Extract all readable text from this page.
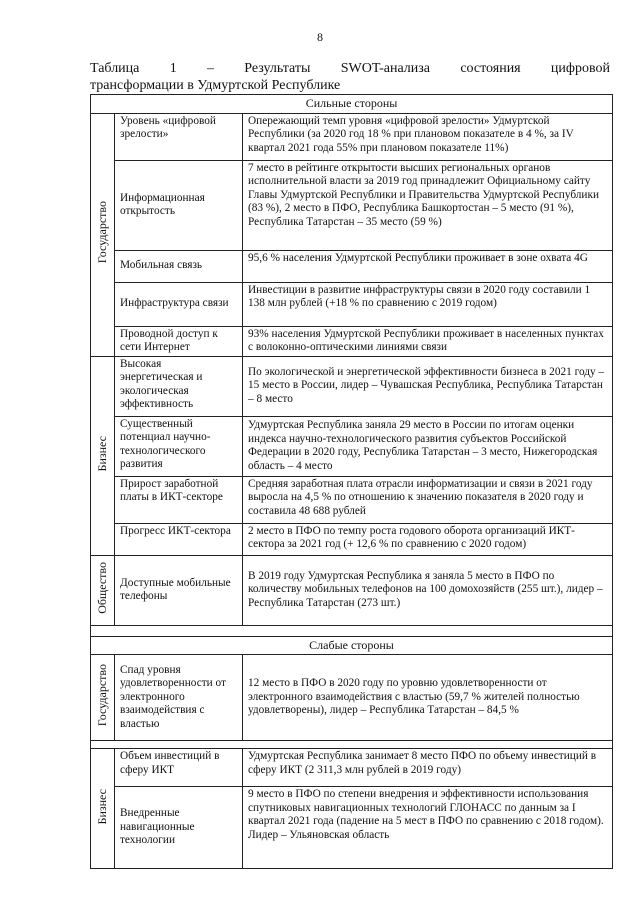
8
Таблица 1 – Результаты SWOT-анализа состояния цифровой
трансформации в Удмуртской Республике
Сильные стороны		
Государство	Уровень «цифровой зрелости»	Опережающий темп уровня «цифровой зрелости» Удмуртской Республики (за 2020 год 18 % при плановом показателе в 4 %, за IV квартал 2021 года 55% при плановом показателе 11%)
	Информационная открытость	7 место в рейтинге открытости высших региональных органов исполнительной власти за 2019 год принадлежит Официальному сайту Главы Удмуртской Республики и Правительства Удмуртской Республики (83 %), 2 место в ПФО, Республика Башкортостан – 5 место (91 %), Республика Татарстан – 35 место (59 %)
	Мобильная связь	95,6 % населения Удмуртской Республики проживает в зоне охвата 4G
	Инфраструктура связи	Инвестиции в развитие инфраструктуры связи в 2020 году составили 1 138 млн рублей (+18 % по сравнению с 2019 годом)
	Проводной доступ к сети Интернет	93% населения Удмуртской Республики проживает в населенных пунктах с волоконно-оптическими линиями связи
Бизнес	Высокая энергетическая и экологическая эффективность	По экологической и энергетической эффективности бизнеса в 2021 году – 15 место в России, лидер – Чувашская Республика, Республика Татарстан – 8 место
	Существенный потенциал научно-технологического развития	Удмуртская Республика заняла 29 место в России по итогам оценки индекса научно-технологического развития субъектов Российской Федерации в 2020 году, Республика Татарстан – 3 место, Нижегородская область – 4 место
	Прирост заработной платы в ИКТ-секторе	Средняя заработная плата отрасли информатизации и связи в 2021 году выросла на 4,5 % по отношению к значению показателя в 2020 году и составила 48 688 рублей
	Прогресс ИКТ-сектора	2 место в ПФО по темпу роста годового оборота организаций ИКТ-сектора за 2021 год (+ 12,6 % по сравнению с 2020 годом)
Общество	Доступные мобильные телефоны	В 2019 году Удмуртская Республика я заняла 5 место в ПФО по количеству мобильных телефонов на 100 домохозяйств (255 шт.), лидер – Республика Татарстан (273 шт.)

Слабые стороны		
Государство	Спад уровня удовлетворенности от электронного взаимодействия с властью	12 место в ПФО в 2020 году по уровню удовлетворенности от электронного взаимодействия с властью (59,7 % жителей полностью удовлетворены), лидер – Республика Татарстан – 84,5 %

Бизнес	Объем инвестиций в сферу ИКТ	Удмуртская Республика занимает 8 место ПФО по объему инвестиций в сферу ИКТ (2 311,3 млн рублей в 2019 году)
	Внедренные навигационные технологии	9 место в ПФО по степени внедрения и эффективности использования спутниковых навигационных технологий ГЛОНАСС по данным за I квартал 2021 года (падение на 5 мест в ПФО по сравнению с 2018 годом). Лидер – Ульяновская область
